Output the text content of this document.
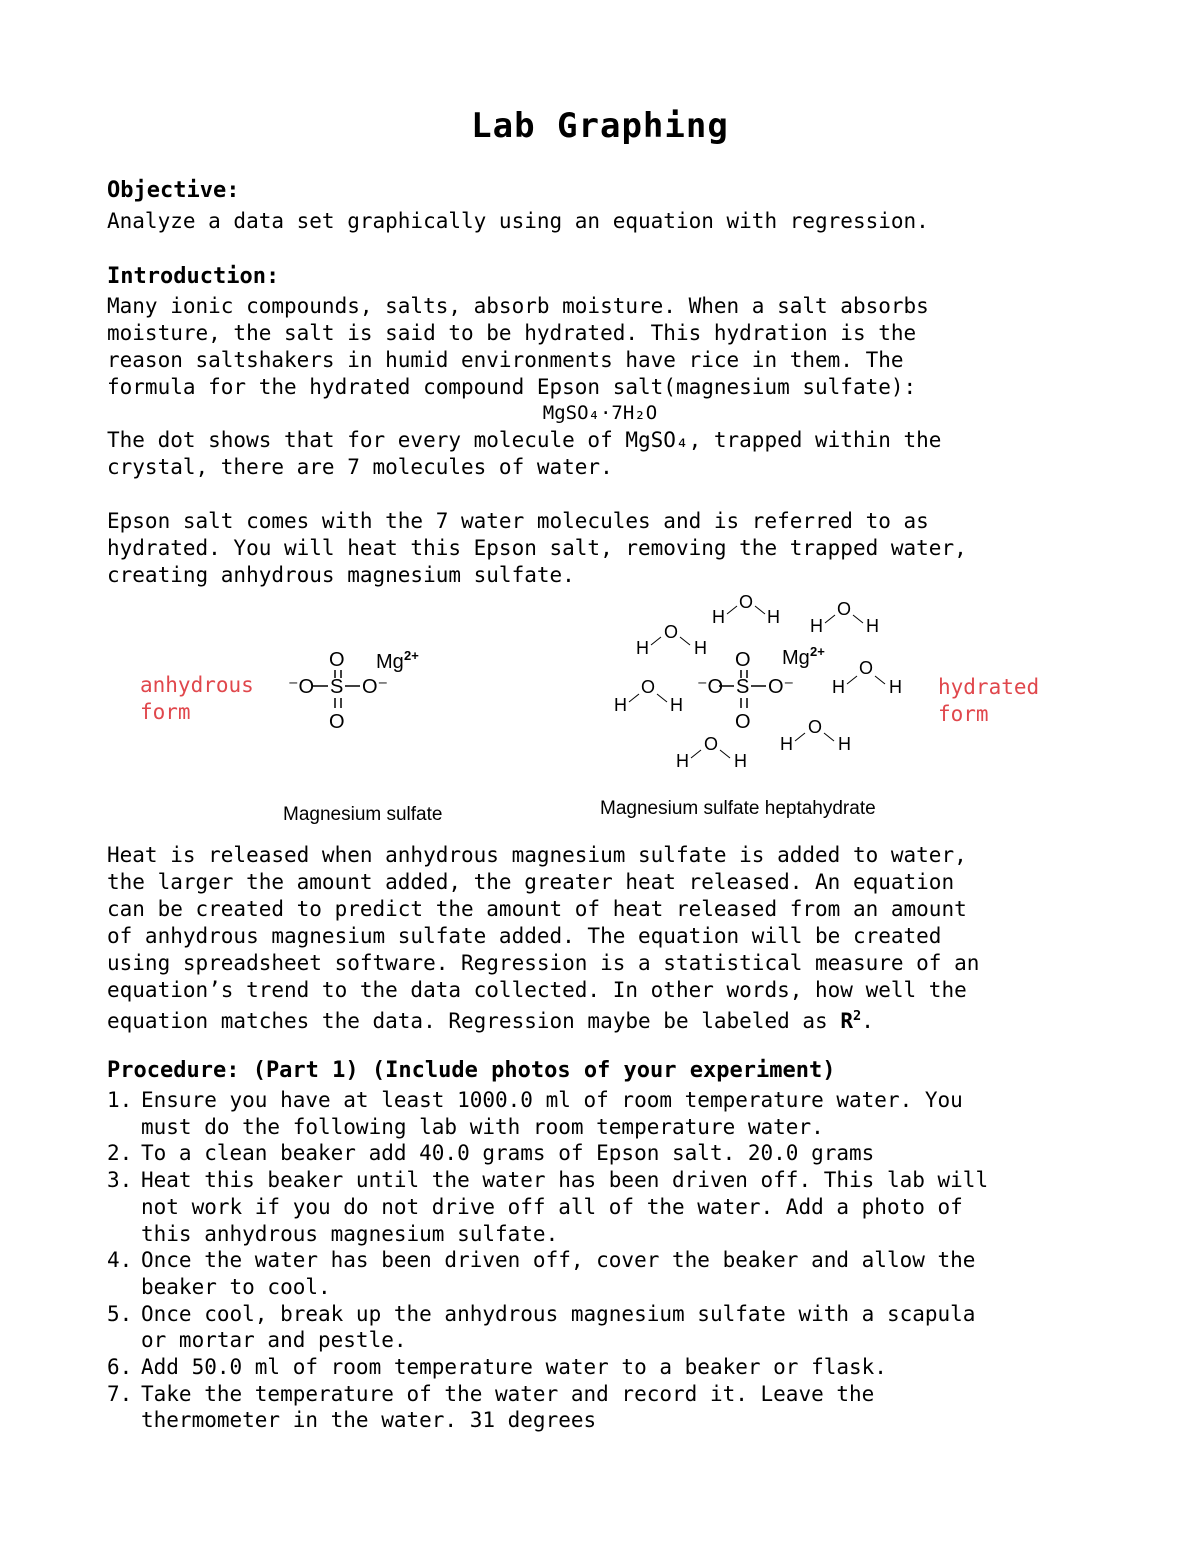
Lab Graphing
Objective:
Analyze a data set graphically using an equation with regression.
Introduction:
Many ionic compounds, salts, absorb moisture. When a salt absorbs
moisture, the salt is said to be hydrated. This hydration is the
reason saltshakers in humid environments have rice in them. The
formula for the hydrated compound Epson salt(magnesium sulfate):
MgSO₄·7H₂O
The dot shows that for every molecule of MgSO₄, trapped within the
crystal, there are 7 molecules of water.
Epson salt comes with the 7 water molecules and is referred to as
hydrated. You will heat this Epson salt, removing the trapped water,
creating anhydrous magnesium sulfate.
anhydrous
form
hydrated
form
O
⁻O S O⁻
O
Mg 2+	O
⁻O S O⁻
O
Mg 2+
H
O
H H
O
H
H
O
H
H
O
H
H
O
H
H
O
H
H
O
H
Magnesium sulfate	Magnesium sulfate heptahydrate
Heat is released when anhydrous magnesium sulfate is added to water,
the larger the amount added, the greater heat released. An equation
can be created to predict the amount of heat released from an amount
of anhydrous magnesium sulfate added. The equation will be created
using spreadsheet software. Regression is a statistical measure of an
equation’s trend to the data collected. In other words, how well the
equation matches the data. Regression maybe be labeled as $R^2$.
Procedure: (Part 1) (Include photos of your experiment)
1. Ensure you have at least 1000.0 ml of room temperature water. You
must do the following lab with room temperature water.
2. To a clean beaker add 40.0 grams of Epson salt. 20.0 grams
3. Heat this beaker until the water has been driven off. This lab will
not work if you do not drive off all of the water. Add a photo of
this anhydrous magnesium sulfate.
4. Once the water has been driven off, cover the beaker and allow the
beaker to cool.
5. Once cool, break up the anhydrous magnesium sulfate with a scapula
or mortar and pestle.
6. Add 50.0 ml of room temperature water to a beaker or flask.
7. Take the temperature of the water and record it. Leave the
thermometer in the water. 31 degrees
